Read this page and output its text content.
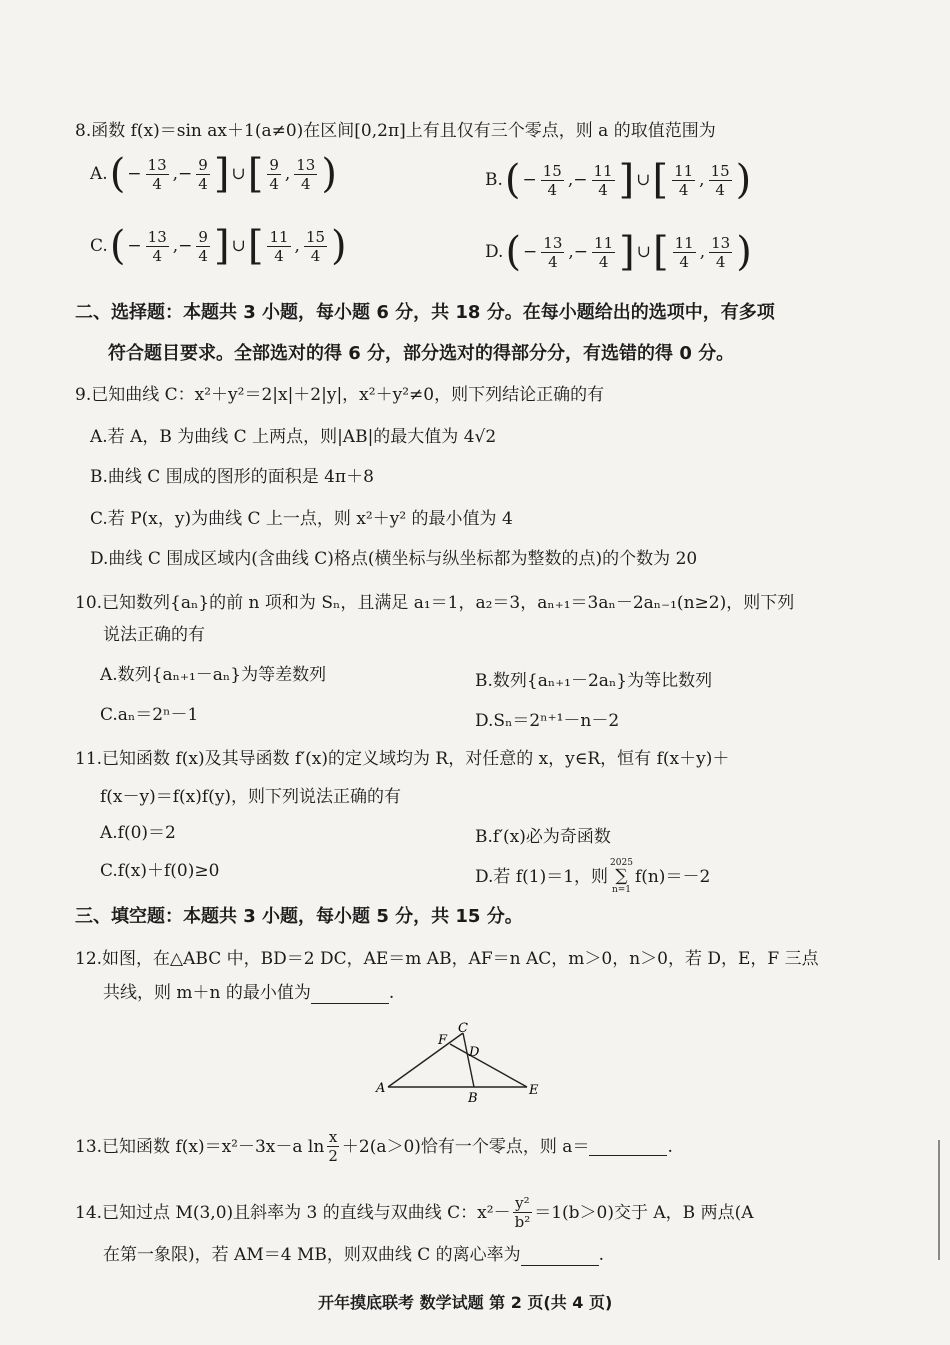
8.函数 f(x)＝sin ax＋1(a≠0)在区间[0,2π]上有且仅有三个零点，则 a 的取值范围为
A. ( − $\frac{13}{4}$ ,− $\frac{9}{4}$ ] ∪ [ $\frac{9}{4}$ , $\frac{13}{4}$ )	B. ( − $\frac{15}{4}$ ,− $\frac{11}{4}$ ] ∪ [ $\frac{11}{4}$ , $\frac{15}{4}$ )
C. ( − $\frac{13}{4}$ ,− $\frac{9}{4}$ ] ∪ [ $\frac{11}{4}$ , $\frac{15}{4}$ )	D. ( − $\frac{13}{4}$ ,− $\frac{11}{4}$ ] ∪ [ $\frac{11}{4}$ , $\frac{13}{4}$ )
二、选择题：本题共 3 小题，每小题 6 分，共 18 分。在每小题给出的选项中，有多项
符合题目要求。全部选对的得 6 分，部分选对的得部分分，有选错的得 0 分。
9.已知曲线 C：x²＋y²＝2|x|＋2|y|，x²＋y²≠0，则下列结论正确的有
A.若 A，B 为曲线 C 上两点，则|AB|的最大值为 4√2
B.曲线 C 围成的图形的面积是 4π＋8
C.若 P(x，y)为曲线 C 上一点，则 x²＋y² 的最小值为 4
D.曲线 C 围成区域内(含曲线 C)格点(横坐标与纵坐标都为整数的点)的个数为 20
10.已知数列{aₙ}的前 n 项和为 Sₙ，且满足 a₁＝1，a₂＝3，aₙ₊₁＝3aₙ－2aₙ₋₁(n≥2)，则下列
说法正确的有
A.数列{aₙ₊₁－aₙ}为等差数列	B.数列{aₙ₊₁－2aₙ}为等比数列
C.aₙ＝2ⁿ－1	D.Sₙ＝2ⁿ⁺¹－n－2
11.已知函数 f(x)及其导函数 f′(x)的定义域均为 R，对任意的 x，y∈R，恒有 f(x＋y)＋
f(x－y)＝f(x)f(y)，则下列说法正确的有
A.f(0)＝2	B.f′(x)必为奇函数
C.f(x)＋f(0)≥0	D.若 f(1)＝1，则
2025
∑
n=1
f(n)＝－2
三、填空题：本题共 3 小题，每小题 5 分，共 15 分。
12.如图，在△ABC 中，BD＝2 DC，AE＝m AB，AF＝n AC，m＞0，n＞0，若 D，E，F 三点
共线，则 m＋n 的最小值为	.
A
B
C
D
E
F
13.已知函数 f(x)＝x²－3x－a $\ln \frac{x}{2} +2(a>0)$恰有一个零点，则 a＝	.
14.已知过点 M(3,0)且斜率为 3 的直线与双曲线 C：$x^2- \frac{\text{y²}}{\text{b²}} =1(b>0)$交于 A，B 两点(A
在第一象限)，若 AM＝4 MB，则双曲线 C 的离心率为	.
开年摸底联考 数学试题 第 2 页(共 4 页)
